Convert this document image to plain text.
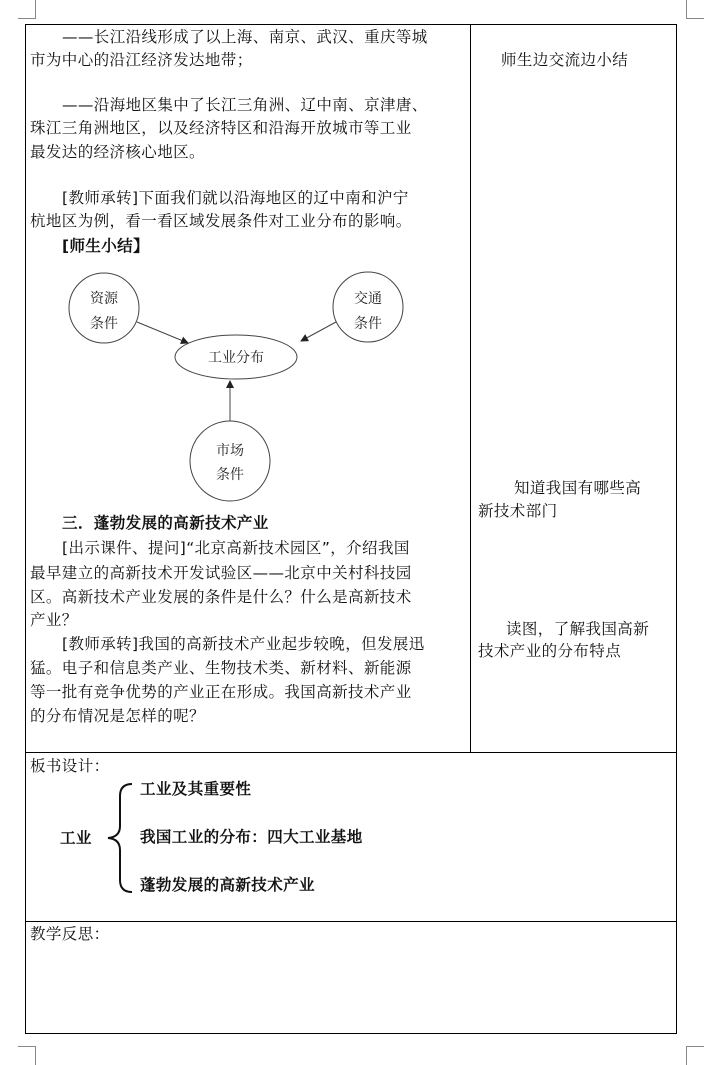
——长江沿线形成了以上海、南京、武汉、重庆等城
市为中心的沿江经济发达地带；
——沿海地区集中了长江三角洲、辽中南、京津唐、
珠江三角洲地区，以及经济特区和沿海开放城市等工业
最发达的经济核心地区。
[教师承转]下面我们就以沿海地区的辽中南和沪宁
杭地区为例，看一看区域发展条件对工业分布的影响。
[师生小结】
资源
条件
交通
条件
工业分布
市场
条件
三．蓬勃发展的高新技术产业
[出示课件、提问]“北京高新技术园区”，介绍我国
最早建立的高新技术开发试验区——北京中关村科技园
区。高新技术产业发展的条件是什么？什么是高新技术
产业？
[教师承转]我国的高新技术产业起步较晚，但发展迅
猛。电子和信息类产业、生物技术类、新材料、新能源
等一批有竞争优势的产业正在形成。我国高新技术产业
的分布情况是怎样的呢？
师生边交流边小结
知道我国有哪些高
新技术部门
读图，了解我国高新
技术产业的分布特点
板书设计：
工业
工业及其重要性
我国工业的分布：四大工业基地
蓬勃发展的高新技术产业
教学反思：
